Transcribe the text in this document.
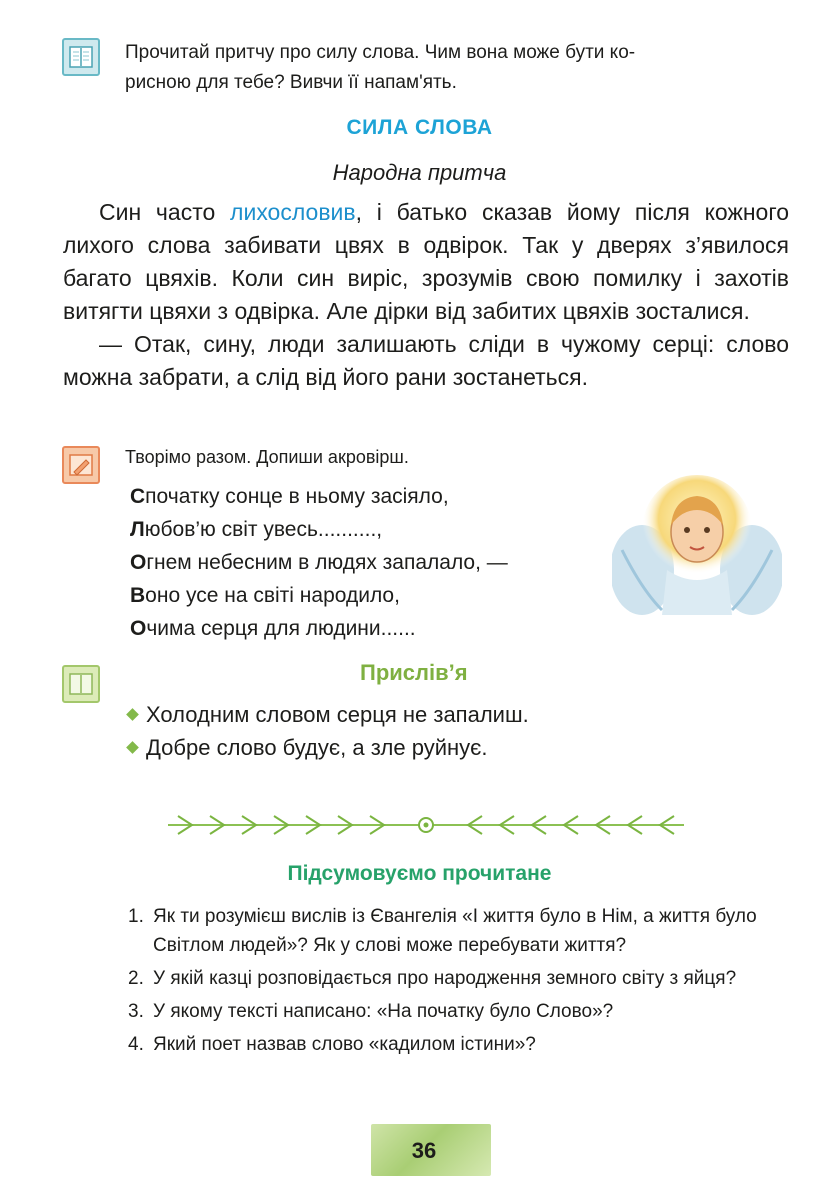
Прочитай притчу про силу слова. Чим вона може бути ко-
рисною для тебе? Вивчи її напам'ять.
СИЛА СЛОВА
Народна притча

Син часто лихословив, і батько сказав йому після кожного лихого слова забивати цвях в одвірок. Так у дверях з’явилося багато цвяхів. Коли син виріс, зрозумів свою помилку і захотів витягти цвяхи з одвірка. Але дірки від забитих цвяхів зосталися.

— Отак, сину, люди залишають сліди в чужому серці: слово можна забрати, а слід від його рани зостанеться.

Творімо разом. Допиши акровірш.
Спочатку сонце в ньому засіяло,
Любов’ю світ увесь..........,
Огнем небесним в людях запалало, —
Воно усе на світі народило,
Очима серця для людини......
Прислів’я
Холодним словом серця не запалиш.
Добре слово будує, а зле руйнує.
Підсумовуємо прочитане
1. Як ти розумієш вислів із Євангелія «І життя було в Нім, а життя було Світлом людей»? Як у слові може перебувати життя?
2. У якій казці розповідається про народження земного світу з яйця?
3. У якому тексті написано: «На початку було Слово»?
4. Який поет назвав слово «кадилом істини»?
36
